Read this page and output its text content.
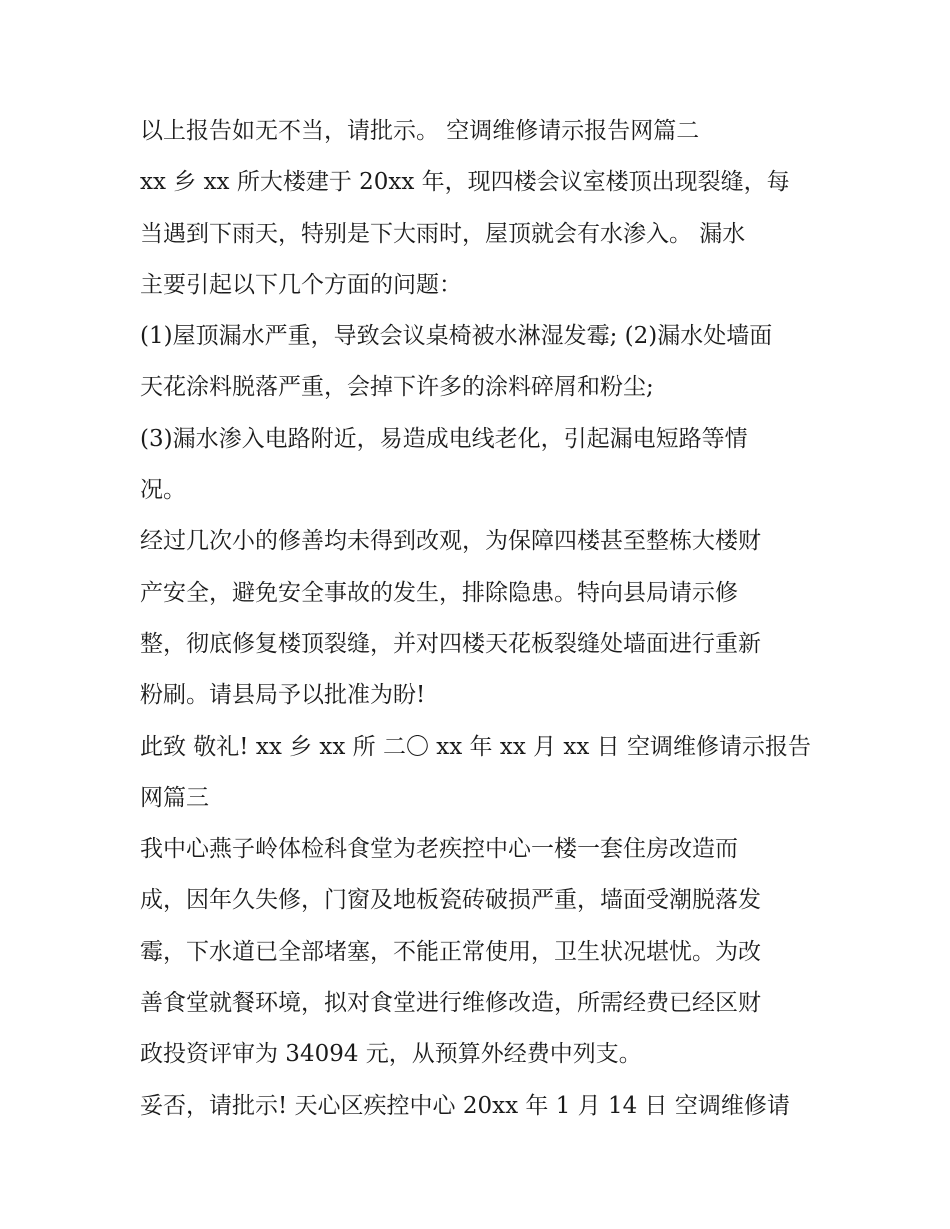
以上报告如无不当，请批示。 空调维修请示报告网篇二
xx 乡 xx 所大楼建于 20xx 年，现四楼会议室楼顶出现裂缝，每
当遇到下雨天，特别是下大雨时，屋顶就会有水渗入。 漏水
主要引起以下几个方面的问题：
(1)屋顶漏水严重，导致会议桌椅被水淋湿发霉; (2)漏水处墙面
天花涂料脱落严重，会掉下许多的涂料碎屑和粉尘;
(3)漏水渗入电路附近，易造成电线老化，引起漏电短路等情
况。
经过几次小的修善均未得到改观，为保障四楼甚至整栋大楼财
产安全，避免安全事故的发生，排除隐患。特向县局请示修
整，彻底修复楼顶裂缝，并对四楼天花板裂缝处墙面进行重新
粉刷。请县局予以批准为盼!
此致 敬礼! xx 乡 xx 所 二〇 xx 年 xx 月 xx 日 空调维修请示报告
网篇三
我中心燕子岭体检科食堂为老疾控中心一楼一套住房改造而
成，因年久失修，门窗及地板瓷砖破损严重，墙面受潮脱落发
霉，下水道已全部堵塞，不能正常使用，卫生状况堪忧。为改
善食堂就餐环境，拟对食堂进行维修改造，所需经费已经区财
政投资评审为 34094 元，从预算外经费中列支。
妥否，请批示! 天心区疾控中心 20xx 年 1 月 14 日 空调维修请
